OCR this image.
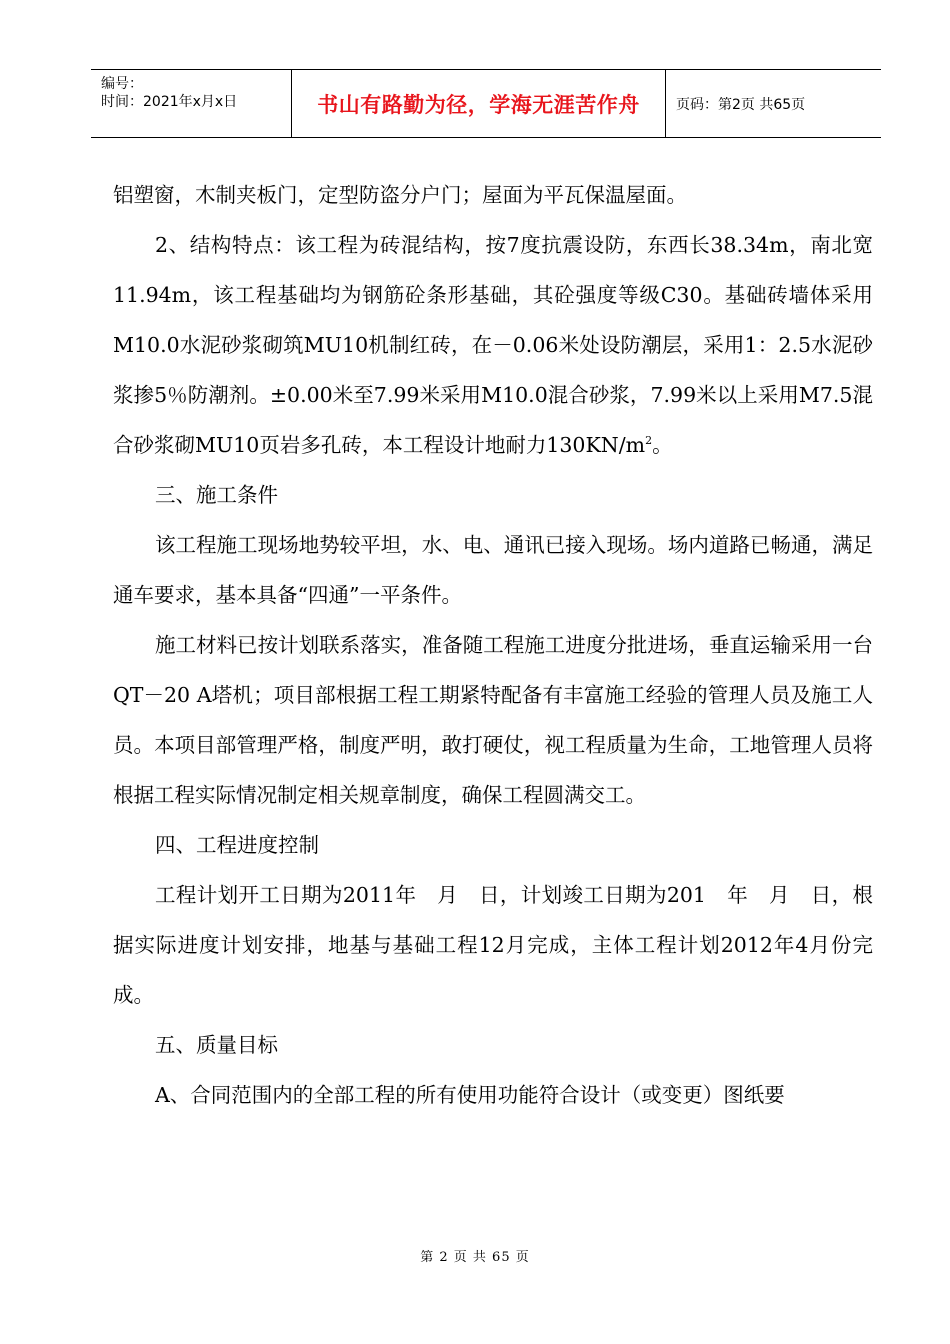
编号：
时间：2021年x月x日	书山有路勤为径，学海无涯苦作舟	页码：第2页 共65页

铝塑窗，木制夹板门，定型防盗分户门；屋面为平瓦保温屋面。

2、结构特点：该工程为砖混结构，按7度抗震设防，东西长38.34m，南北宽11.94m，该工程基础均为钢筋砼条形基础，其砼强度等级C30。基础砖墙体采用M10.0水泥砂浆砌筑MU10机制红砖，在－0.06米处设防潮层，采用1：2.5水泥砂浆掺5％防潮剂。±0.00米至7.99米采用M10.0混合砂浆，7.99米以上采用M7.5混合砂浆砌MU10页岩多孔砖，本工程设计地耐力$130KN/m^2$。

三、施工条件

该工程施工现场地势较平坦，水、电、通讯已接入现场。场内道路已畅通，满足通车要求，基本具备“四通”一平条件。

施工材料已按计划联系落实，准备随工程施工进度分批进场，垂直运输采用一台QT－20 A塔机；项目部根据工程工期紧特配备有丰富施工经验的管理人员及施工人员。本项目部管理严格，制度严明，敢打硬仗，视工程质量为生命，工地管理人员将根据工程实际情况制定相关规章制度，确保工程圆满交工。

四、工程进度控制

工程计划开工日期为2011年　月　日，计划竣工日期为201　年　月　日，根据实际进度计划安排，地基与基础工程12月完成，主体工程计划2012年4月份完成。

五、质量目标

A、合同范围内的全部工程的所有使用功能符合设计（或变更）图纸要

第 2 页 共 65 页
